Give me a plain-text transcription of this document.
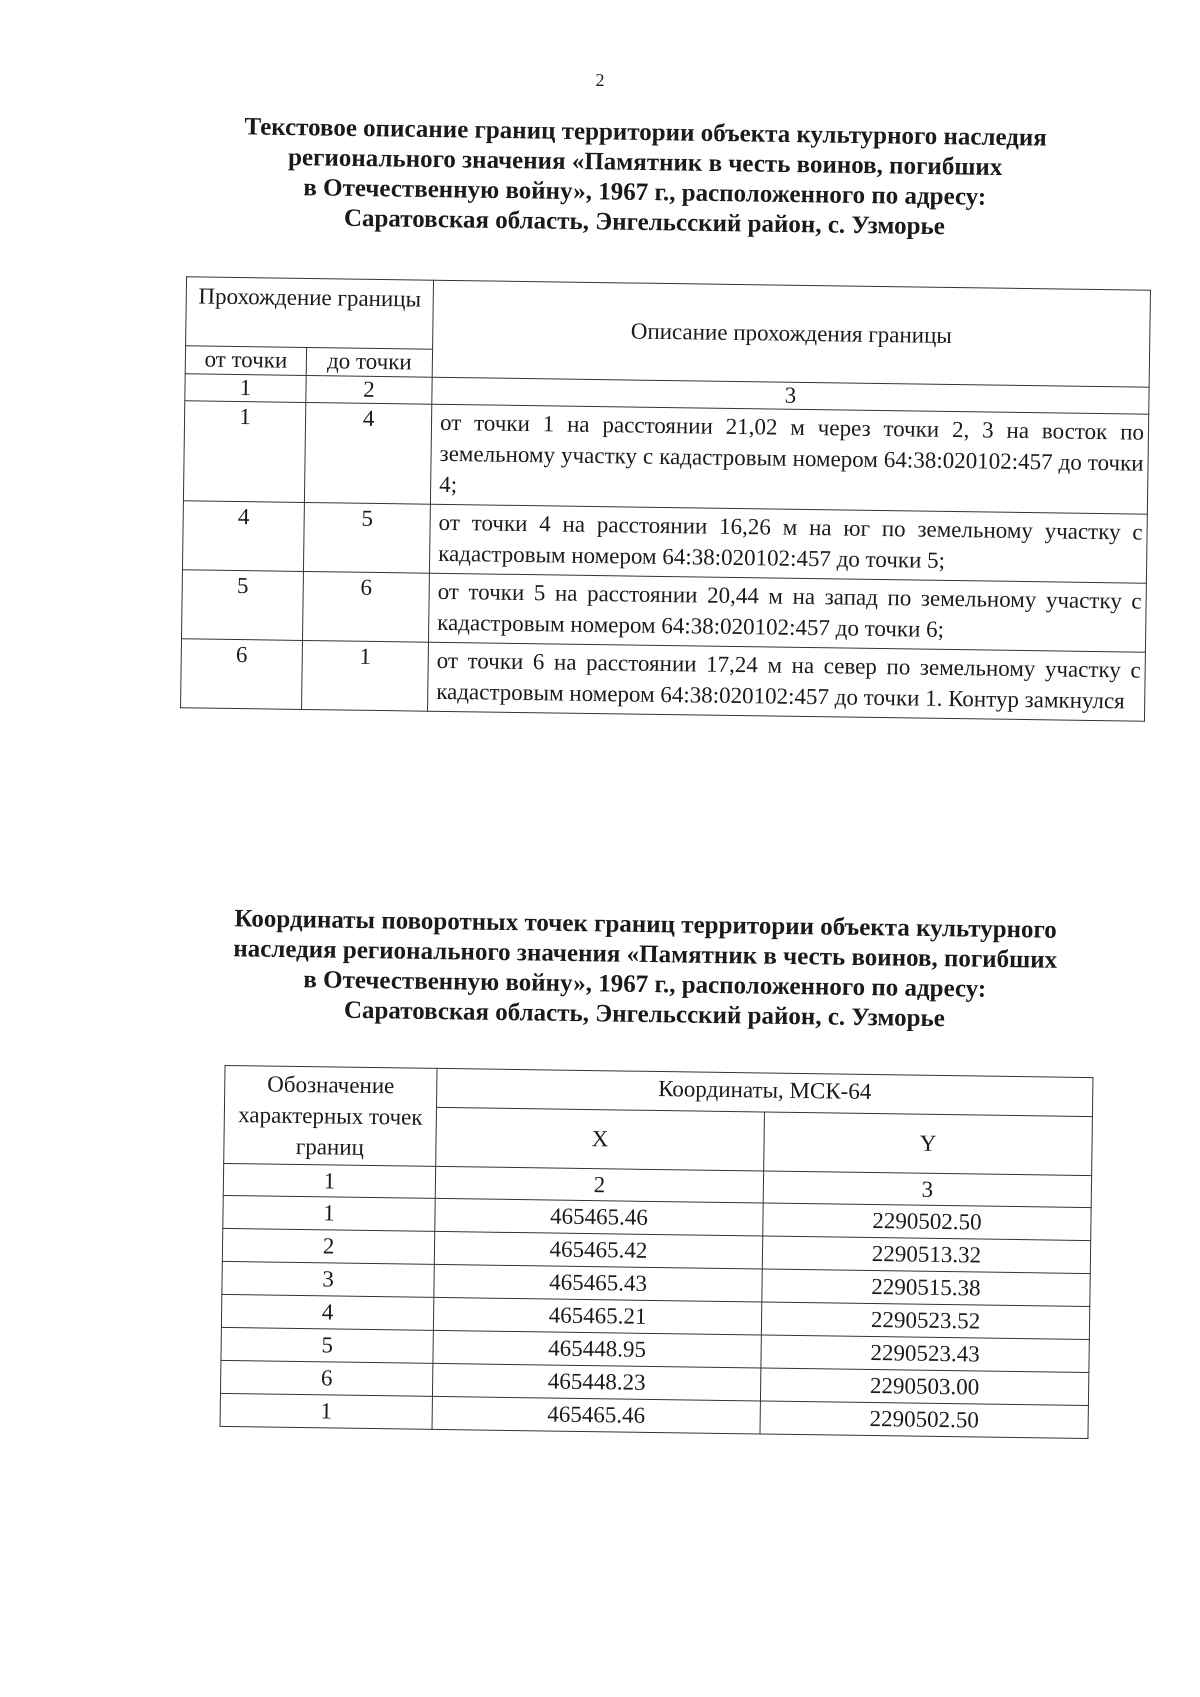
2
Текстовое описание границ территории объекта культурного наследия
регионального значения «Памятник в честь воинов, погибших
в Отечественную войну», 1967 г., расположенного по адресу:
Саратовская область, Энгельсский район, с. Узморье
Прохождение границы		Описание прохождения границы
от точки	до точки	
1	2	3
1	4	от точки 1 на расстоянии 21,02 м через точки 2, 3 на восток по земельному участку с кадастровым номером 64:38:020102:457 до точки 4;
4	5	от точки 4 на расстоянии 16,26 м на юг по земельному участку с кадастровым номером 64:38:020102:457 до точки 5;
5	6	от точки 5 на расстоянии 20,44 м на запад по земельному участку с кадастровым номером 64:38:020102:457 до точки 6;
6	1	от точки 6 на расстоянии 17,24 м на север по земельному участку с кадастровым номером 64:38:020102:457 до точки 1. Контур замкнулся
Координаты поворотных точек границ территории объекта культурного
наследия регионального значения «Памятник в честь воинов, погибших
в Отечественную войну», 1967 г., расположенного по адресу:
Саратовская область, Энгельсский район, с. Узморье
Обозначение характерных точек границ	Координаты, МСК-64	
	X	Y
1	2	3
1	465465.46	2290502.50
2	465465.42	2290513.32
3	465465.43	2290515.38
4	465465.21	2290523.52
5	465448.95	2290523.43
6	465448.23	2290503.00
1	465465.46	2290502.50
